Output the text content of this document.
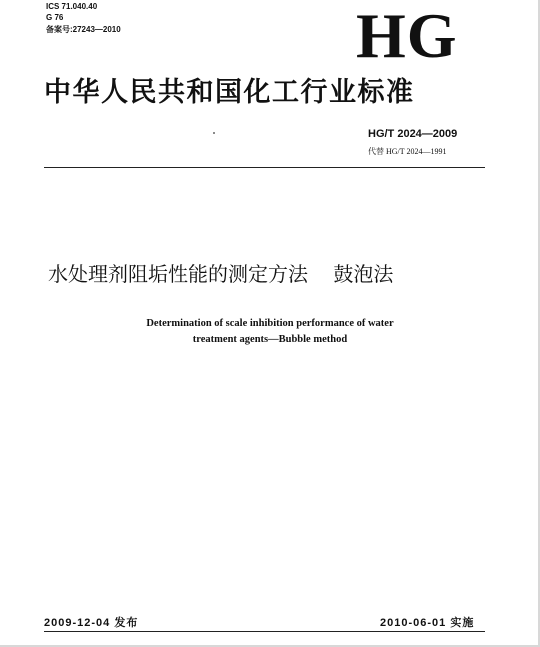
ICS 71.040.40
G 76
备案号:27243—2010	HG
中华人民共和国化工行业标准
HG/T 2024—2009
代替 HG/T 2024—1991
水处理剂阻垢性能的测定方法    鼓泡法
Determination of scale inhibition performance of water
treatment agents—Bubble method
2009-12-04 发布	2010-06-01 实施
